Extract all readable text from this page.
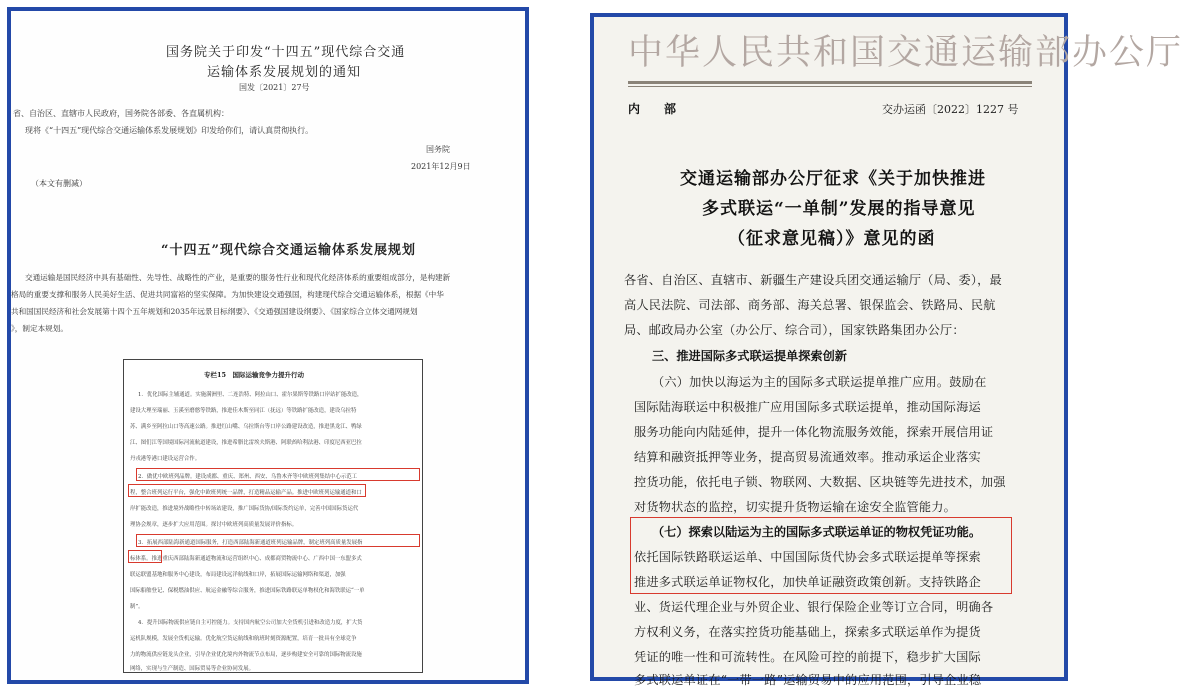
国务院关于印发“十四五”现代综合交通
运输体系发展规划的通知
国发〔2021〕27号
省、自治区、直辖市人民政府，国务院各部委、各直属机构：
现将《“十四五”现代综合交通运输体系发展规划》印发给你们，请认真贯彻执行。
国务院
2021年12月9日
（本文有删减）
“十四五”现代综合交通运输体系发展规划
交通运输是国民经济中具有基础性、先导性、战略性的产业，是重要的服务性行业和现代化经济体系的重要组成部分，是构建新
格局的重要支撑和服务人民美好生活、促进共同富裕的坚实保障。为加快建设交通强国，构建现代综合交通运输体系，根据《中华
共和国国民经济和社会发展第十四个五年规划和2035年远景目标纲要》、《交通强国建设纲要》、《国家综合立体交通网规划
》，制定本规划。
专栏15　国际运输竞争力提升行动
1．优化国际主辅通道。实施满洲里、二连浩特、阿拉山口、霍尔果斯等铁路口岸站扩能改造，
建设大理至瑞丽、玉溪至磨憨等铁路，推进佳木斯至同江（抚远）等铁路扩能改造，建设乌拉特
苏、满乡至阿拉山口等高速公路。推进红山嘴、乌拉斯台等口岸公路建设改造，推进黑龙江、鸭绿
江、图们江等国境国际河流航道建设，推进希腊比雷埃夫斯港、阿联酋哈利法港、印度尼西亚巴拉
丹戎港等港口建设运营合作。
2．做优中欧班列品牌。建设成都、重庆、郑州、西安、乌鲁木齐等中欧班列集结中心示范工
程，整合班列运行平台，强化中欧班列统一品牌，打造精品运输产品。推进中欧班列运输通道和口
岸扩能改造，推进境外战略性中转场站建设，推广国际货协/国际货约运单，完善中国国际货运代
理协会规章，逐步扩大应用范围。探讨中欧班列高质量发展评价指标。
3．拓展西部陆海新通道国际服务，打造西部陆海新通道班列运输品牌，制定班列高质量发展指
标体系。推进重庆西部陆海新通道物流和运营组织中心、成都商贸物流中心、广西中国一东盟多式
联运联盟基地和服务中心建设，布局建设远洋航线和口岸，拓展国际运输网络和渠道，加强
国际船舶登记、保税燃油供应、航运金融等综合服务，推进国际铁路联运单物权化和海铁联运“一单
制”。
4．提升国际物流供应链自主可控能力。支持国内航空公司加大全货机引进和改造力度，扩大货
运机队规模，发展全货机运输。优化航空货运航线和航班时刻资源配置，培育一批具有全球竞争
力的物流供应链龙头企业，引导企业优化境内外物流节点布局，逐步构建安全可靠的国际物流设施
网络，实现与生产制造、国际贸易等企业协同发展。
中华人民共和国交通运输部办公厅
内　部	交办运函〔2022〕1227 号
交通运输部办公厅征求《关于加快推进
多式联运“一单制”发展的指导意见
（征求意见稿）》意见的函
各省、自治区、直辖市、新疆生产建设兵团交通运输厅（局、委），最
高人民法院、司法部、商务部、海关总署、银保监会、铁路局、民航
局、邮政局办公室（办公厅、综合司），国家铁路集团办公厅：
三、推进国际多式联运提单探索创新
（六）加快以海运为主的国际多式联运提单推广应用。鼓励在
国际陆海联运中积极推广应用国际多式联运提单，推动国际海运
服务功能向内陆延伸，提升一体化物流服务效能，探索开展信用证
结算和融资抵押等业务，提高贸易流通效率。推动承运企业落实
控货功能，依托电子锁、物联网、大数据、区块链等先进技术，加强
对货物状态的监控，切实提升货物运输在途安全监管能力。
（七）探索以陆运为主的国际多式联运单证的物权凭证功能。
依托国际铁路联运运单、中国国际货代协会多式联运提单等探索
推进多式联运单证物权化，加快单证融资政策创新。支持铁路企
业、货运代理企业与外贸企业、银行保险企业等订立合同，明确各
方权利义务，在落实控货功能基础上，探索多式联运单作为提货
凭证的唯一性和可流转性。在风险可控的前提下，稳步扩大国际
多式联运单证在“一带一路”运输贸易中的应用范围，引导企业稳
